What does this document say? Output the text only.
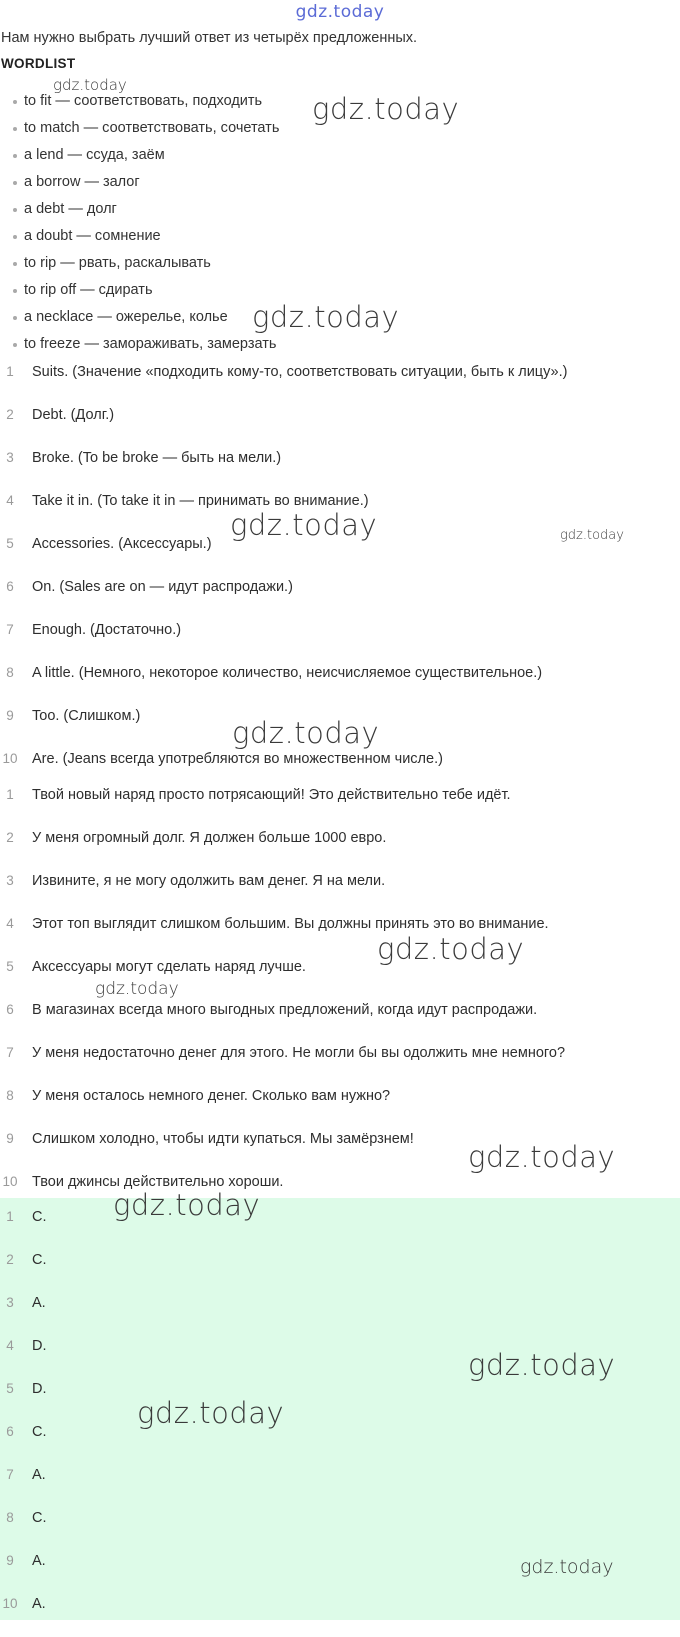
gdz.today
Нам нужно выбрать лучший ответ из четырёх предложенных.
WORDLIST
to fit — соответствовать, подходить
to match — соответствовать, сочетать
a lend — ссуда, заём
a borrow — залог
a debt — долг
a doubt — сомнение
to rip — рвать, раскалывать
to rip off — сдирать
a necklace — ожерелье, колье
to freeze — замораживать, замерзать
1	Suits. (Значение «подходить кому-то, соответствовать ситуации, быть к лицу».)
2	Debt. (Долг.)
3	Broke. (To be broke — быть на мели.)
4	Take it in. (To take it in — принимать во внимание.)
5	Accessories. (Аксессуары.)
6	On. (Sales are on — идут распродажи.)
7	Enough. (Достаточно.)
8	A little. (Немного, некоторое количество, неисчисляемое существительное.)
9	Too. (Слишком.)
10 Are. (Jeans всегда употребляются во множественном числе.)
1	Твой новый наряд просто потрясающий! Это действительно тебе идёт.
2	У меня огромный долг. Я должен больше 1000 евро.
3	Извините, я не могу одолжить вам денег. Я на мели.
4	Этот топ выглядит слишком большим. Вы должны принять это во внимание.
5	Аксессуары могут сделать наряд лучше.
6	В магазинах всегда много выгодных предложений, когда идут распродажи.
7	У меня недостаточно денег для этого. Не могли бы вы одолжить мне немного?
8	У меня осталось немного денег. Сколько вам нужно?
9	Слишком холодно, чтобы идти купаться. Мы замёрзнем!
10 Твои джинсы действительно хороши.
1	C.
2	C.
3	A.
4	D.
5	D.
6	C.
7	A.
8	C.
9	A.
10 A.
gdz.today
gdz.today
gdz.today
gdz.today	gdz.today
gdz.today
gdz.today
gdz.today
gdz.today
gdz.today
gdz.today
gdz.today
gdz.today
